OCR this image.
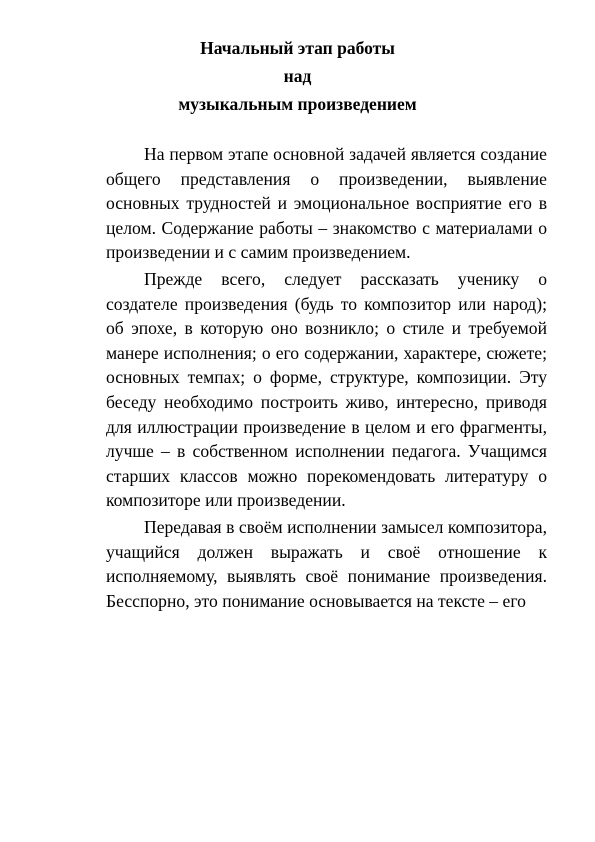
Начальный этап работы
над
музыкальным произведением

На первом этапе основной задачей является создание общего представления о произведении, выявление основных трудностей и эмоциональное восприятие его в целом. Содержание работы – знакомство с материалами о произведении и с самим произведением.

Прежде всего, следует рассказать ученику о создателе произведения (будь то композитор или народ); об эпохе, в которую оно возникло; о стиле и требуемой манере исполнения; о его содержании, характере, сюжете; основных темпах; о форме, структуре, композиции. Эту беседу необходимо построить живо, интересно, приводя для иллюстрации произведение в целом и его фрагменты, лучше – в собственном исполнении педагога. Учащимся старших классов можно порекомендовать литературу о композиторе или произведении.

Передавая в своём исполнении замысел композитора, учащийся должен выражать и своё отношение к исполняемому, выявлять своё понимание произведения. Бесспорно, это понимание основывается на тексте – его
